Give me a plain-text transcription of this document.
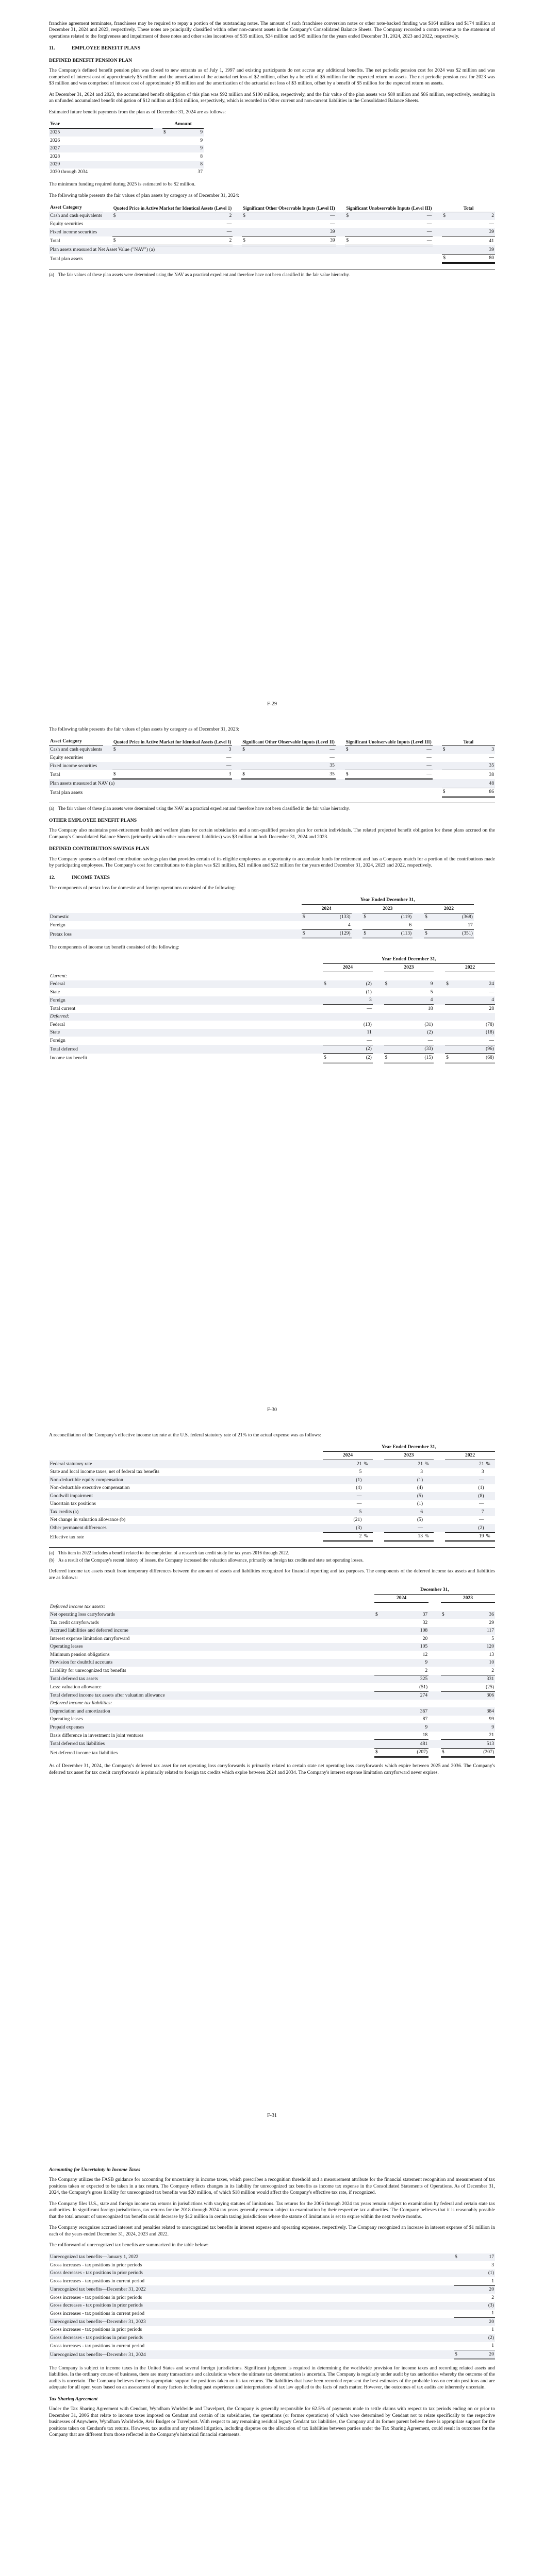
franchise agreement terminates, franchisees may be required to repay a portion of the outstanding notes. The amount of such franchisee conversion notes or other note-backed funding was $164 million and $174 million at December 31, 2024 and 2023, respectively. These notes are principally classified within other non-current assets in the Company's Consolidated Balance Sheets. The Company recorded a contra revenue to the statement of operations related to the forgiveness and impairment of these notes and other sales incentives of $35 million, $34 million and $45 million for the years ended December 31, 2024, 2023 and 2022, respectively.

11.	EMPLOYEE BENEFIT PLANS
DEFINED BENEFIT PENSION PLAN

The Company's defined benefit pension plan was closed to new entrants as of July 1, 1997 and existing participants do not accrue any additional benefits. The net periodic pension cost for 2024 was $2 million and was comprised of interest cost of approximately $5 million and the amortization of the actuarial net loss of $2 million, offset by a benefit of $5 million for the expected return on assets. The net periodic pension cost for 2023 was $3 million and was comprised of interest cost of approximately $5 million and the amortization of the actuarial net loss of $3 million, offset by a benefit of $5 million for the expected return on assets.

At December 31, 2024 and 2023, the accumulated benefit obligation of this plan was $92 million and $100 million, respectively, and the fair value of the plan assets was $80 million and $86 million, respectively, resulting in an unfunded accumulated benefit obligation of $12 million and $14 million, respectively, which is recorded in Other current and non-current liabilities in the Consolidated Balance Sheets.

Estimated future benefit payments from the plan as of December 31, 2024 are as follows:

Year		Amount	
2025		$	9
2026			9
2027			9
2028			8
2029			8
2030 through 2034			37

The minimum funding required during 2025 is estimated to be $2 million.

The following table presents the fair values of plan assets by category as of December 31, 2024:

Asset Category		Quoted Price in Active Market for Identical Assets (Level 1)			Significant Other Observable Inputs (Level II)			Significant Unobservable Inputs (Level III)			Total	
Cash and cash equivalents		$	2		$	—		$	—		$	2
Equity securities			—			—			—			—
Fixed income securities			—			39			—			39
Total		$	2		$	39		$	—			41
Plan assets measured at Net Asset Value ("NAV") (a)												39
Total plan assets											$	80
(a) The fair values of these plan assets were determined using the NAV as a practical expedient and therefore have not been classified in the fair value hierarchy.
F-29

The following table presents the fair values of plan assets by category as of December 31, 2023:

Asset Category		Quoted Price in Active Market for Identical Assets (Level I)			Significant Other Observable Inputs (Level II)			Significant Unobservable Inputs (Level III)			Total	
Cash and cash equivalents		$	3		$	—		$	—		$	3
Equity securities			—			—			—			—
Fixed income securities			—			35			—			35
Total		$	3		$	35		$	—			38
Plan assets measured at NAV (a)												48
Total plan assets											$	86
(a) The fair values of these plan assets were determined using the NAV as a practical expedient and therefore have not been classified in the fair value hierarchy.
OTHER EMPLOYEE BENEFIT PLANS

The Company also maintains post-retirement health and welfare plans for certain subsidiaries and a non-qualified pension plan for certain individuals. The related projected benefit obligation for these plans accrued on the Company's Consolidated Balance Sheets (primarily within other non-current liabilities) was $3 million at both December 31, 2024 and 2023.

DEFINED CONTRIBUTION SAVINGS PLAN

The Company sponsors a defined contribution savings plan that provides certain of its eligible employees an opportunity to accumulate funds for retirement and has a Company match for a portion of the contributions made by participating employees. The Company's cost for contributions to this plan was $21 million, $21 million and $22 million for the years ended December 31, 2024, 2023 and 2022, respectively.

12.	INCOME TAXES

The components of pretax loss for domestic and foreign operations consisted of the following:

		Year Ended December 31,								
		2024			2023			2022		
Domestic		$	(133)		$	(119)		$	(368)	
Foreign			4			6			17	
Pretax loss		$	(129)		$	(113)		$	(351)	

The components of income tax benefit consisted of the following:

		Year Ended December 31,							
		2024			2023			2022	
Current:									
Federal		$	(2)		$	9		$	24
State			(1)			5			—
Foreign			3			4			4
Total current			—			18			28
Deferred:									
Federal			(13)			(31)			(78)
State			11			(2)			(18)
Foreign			—			—			—
Total deferred			(2)			(33)			(96)
Income tax benefit		$	(2)		$	(15)		$	(68)
F-30

A reconciliation of the Company's effective income tax rate at the U.S. federal statutory rate of 21% to the actual expense was as follows:

		Year Ended December 31,							
		2024			2023			2022	
Federal statutory rate		21	%		21	%		21	%
State and local income taxes, net of federal tax benefits		5			3			3	
Non-deductible equity compensation		(1)			(1)			—	
Non-deductible executive compensation		(4)			(4)			(1)	
Goodwill impairment		—			(5)			(8)	
Uncertain tax positions		—			(1)			—	
Tax credits (a)		5			6			7	
Net change in valuation allowance (b)		(21)			(5)			—	
Other permanent differences		(3)			—			(2)	
Effective tax rate		2	%		13	%		19	%
(a) This item in 2022 includes a benefit related to the completion of a research tax credit study for tax years 2016 through 2022.
(b) As a result of the Company's recent history of losses, the Company increased the valuation allowance, primarily on foreign tax credits and state net operating losses.

Deferred income tax assets result from temporary differences between the amount of assets and liabilities recognized for financial reporting and tax purposes. The components of the deferred income tax assets and liabilities are as follows:

		December 31,				
		2024			2023	
Deferred income tax assets:						
Net operating loss carryforwards		$	37		$	36
Tax credit carryforwards			32			29
Accrued liabilities and deferred income			108			117
Interest expense limitation carryforward			20			5
Operating leases			105			120
Minimum pension obligations			12			13
Provision for doubtful accounts			9			10
Liability for unrecognized tax benefits			2			2
Total deferred tax assets			325			331
Less: valuation allowance			(51)			(25)
Total deferred income tax assets after valuation allowance			274			306
Deferred income tax liabilities:						
Depreciation and amortization			367			384
Operating leases			87			99
Prepaid expenses			9			9
Basis difference in investment in joint ventures			18			21
Total deferred tax liabilities			481			513
Net deferred income tax liabilities		$	(207)		$	(207)

As of December 31, 2024, the Company's deferred tax asset for net operating loss carryforwards is primarily related to certain state net operating loss carryforwards which expire between 2025 and 2036. The Company's deferred tax asset for tax credit carryforwards is primarily related to foreign tax credits which expire between 2024 and 2034. The Company's interest expense limitation carryforward never expires.

F-31
Accounting for Uncertainty in Income Taxes

The Company utilizes the FASB guidance for accounting for uncertainty in income taxes, which prescribes a recognition threshold and a measurement attribute for the financial statement recognition and measurement of tax positions taken or expected to be taken in a tax return. The Company reflects changes in its liability for unrecognized tax benefits as income tax expense in the Consolidated Statements of Operations. As of December 31, 2024, the Company's gross liability for unrecognized tax benefits was $20 million, of which $18 million would affect the Company's effective tax rate, if recognized.

The Company files U.S., state and foreign income tax returns in jurisdictions with varying statutes of limitations. Tax returns for the 2006 through 2024 tax years remain subject to examination by federal and certain state tax authorities. In significant foreign jurisdictions, tax returns for the 2018 through 2024 tax years generally remain subject to examination by their respective tax authorities. The Company believes that it is reasonably possible that the total amount of unrecognized tax benefits could decrease by $12 million in certain taxing jurisdictions where the statute of limitations is set to expire within the next twelve months.

The Company recognizes accrued interest and penalties related to unrecognized tax benefits in interest expense and operating expenses, respectively. The Company recognized an increase in interest expense of $1 million in each of the years ended December 31, 2024, 2023 and 2022.

The rollforward of unrecognized tax benefits are summarized in the table below:

Unrecognized tax benefits—January 1, 2022	$	17
Gross increases - tax positions in prior periods		3
Gross decreases - tax positions in prior periods		(1)
Gross increases - tax positions in current period		1
Unrecognized tax benefits—December 31, 2022		20
Gross increases - tax positions in prior periods		2
Gross decreases - tax positions in prior periods		(3)
Gross increases - tax positions in current period		1
Unrecognized tax benefits—December 31, 2023		20
Gross increases - tax positions in prior periods		1
Gross decreases - tax positions in prior periods		(2)
Gross increases - tax positions in current period		1
Unrecognized tax benefits—December 31, 2024	$	20

The Company is subject to income taxes in the United States and several foreign jurisdictions. Significant judgment is required in determining the worldwide provision for income taxes and recording related assets and liabilities. In the ordinary course of business, there are many transactions and calculations where the ultimate tax determination is uncertain. The Company is regularly under audit by tax authorities whereby the outcome of the audits is uncertain. The Company believes there is appropriate support for positions taken on its tax returns. The liabilities that have been recorded represent the best estimates of the probable loss on certain positions and are adequate for all open years based on an assessment of many factors including past experience and interpretations of tax law applied to the facts of each matter. However, the outcomes of tax audits are inherently uncertain.

Tax Sharing Agreement

Under the Tax Sharing Agreement with Cendant, Wyndham Worldwide and Travelport, the Company is generally responsible for 62.5% of payments made to settle claims with respect to tax periods ending on or prior to December 31, 2006 that relate to income taxes imposed on Cendant and certain of its subsidiaries, the operations (or former operations) of which were determined by Cendant not to relate specifically to the respective businesses of Anywhere, Wyndham Worldwide, Avis Budget or Travelport. With respect to any remaining residual legacy Cendant tax liabilities, the Company and its former parent believe there is appropriate support for the positions taken on Cendant's tax returns. However, tax audits and any related litigation, including disputes on the allocation of tax liabilities between parties under the Tax Sharing Agreement, could result in outcomes for the Company that are different from those reflected in the Company's historical financial statements.
